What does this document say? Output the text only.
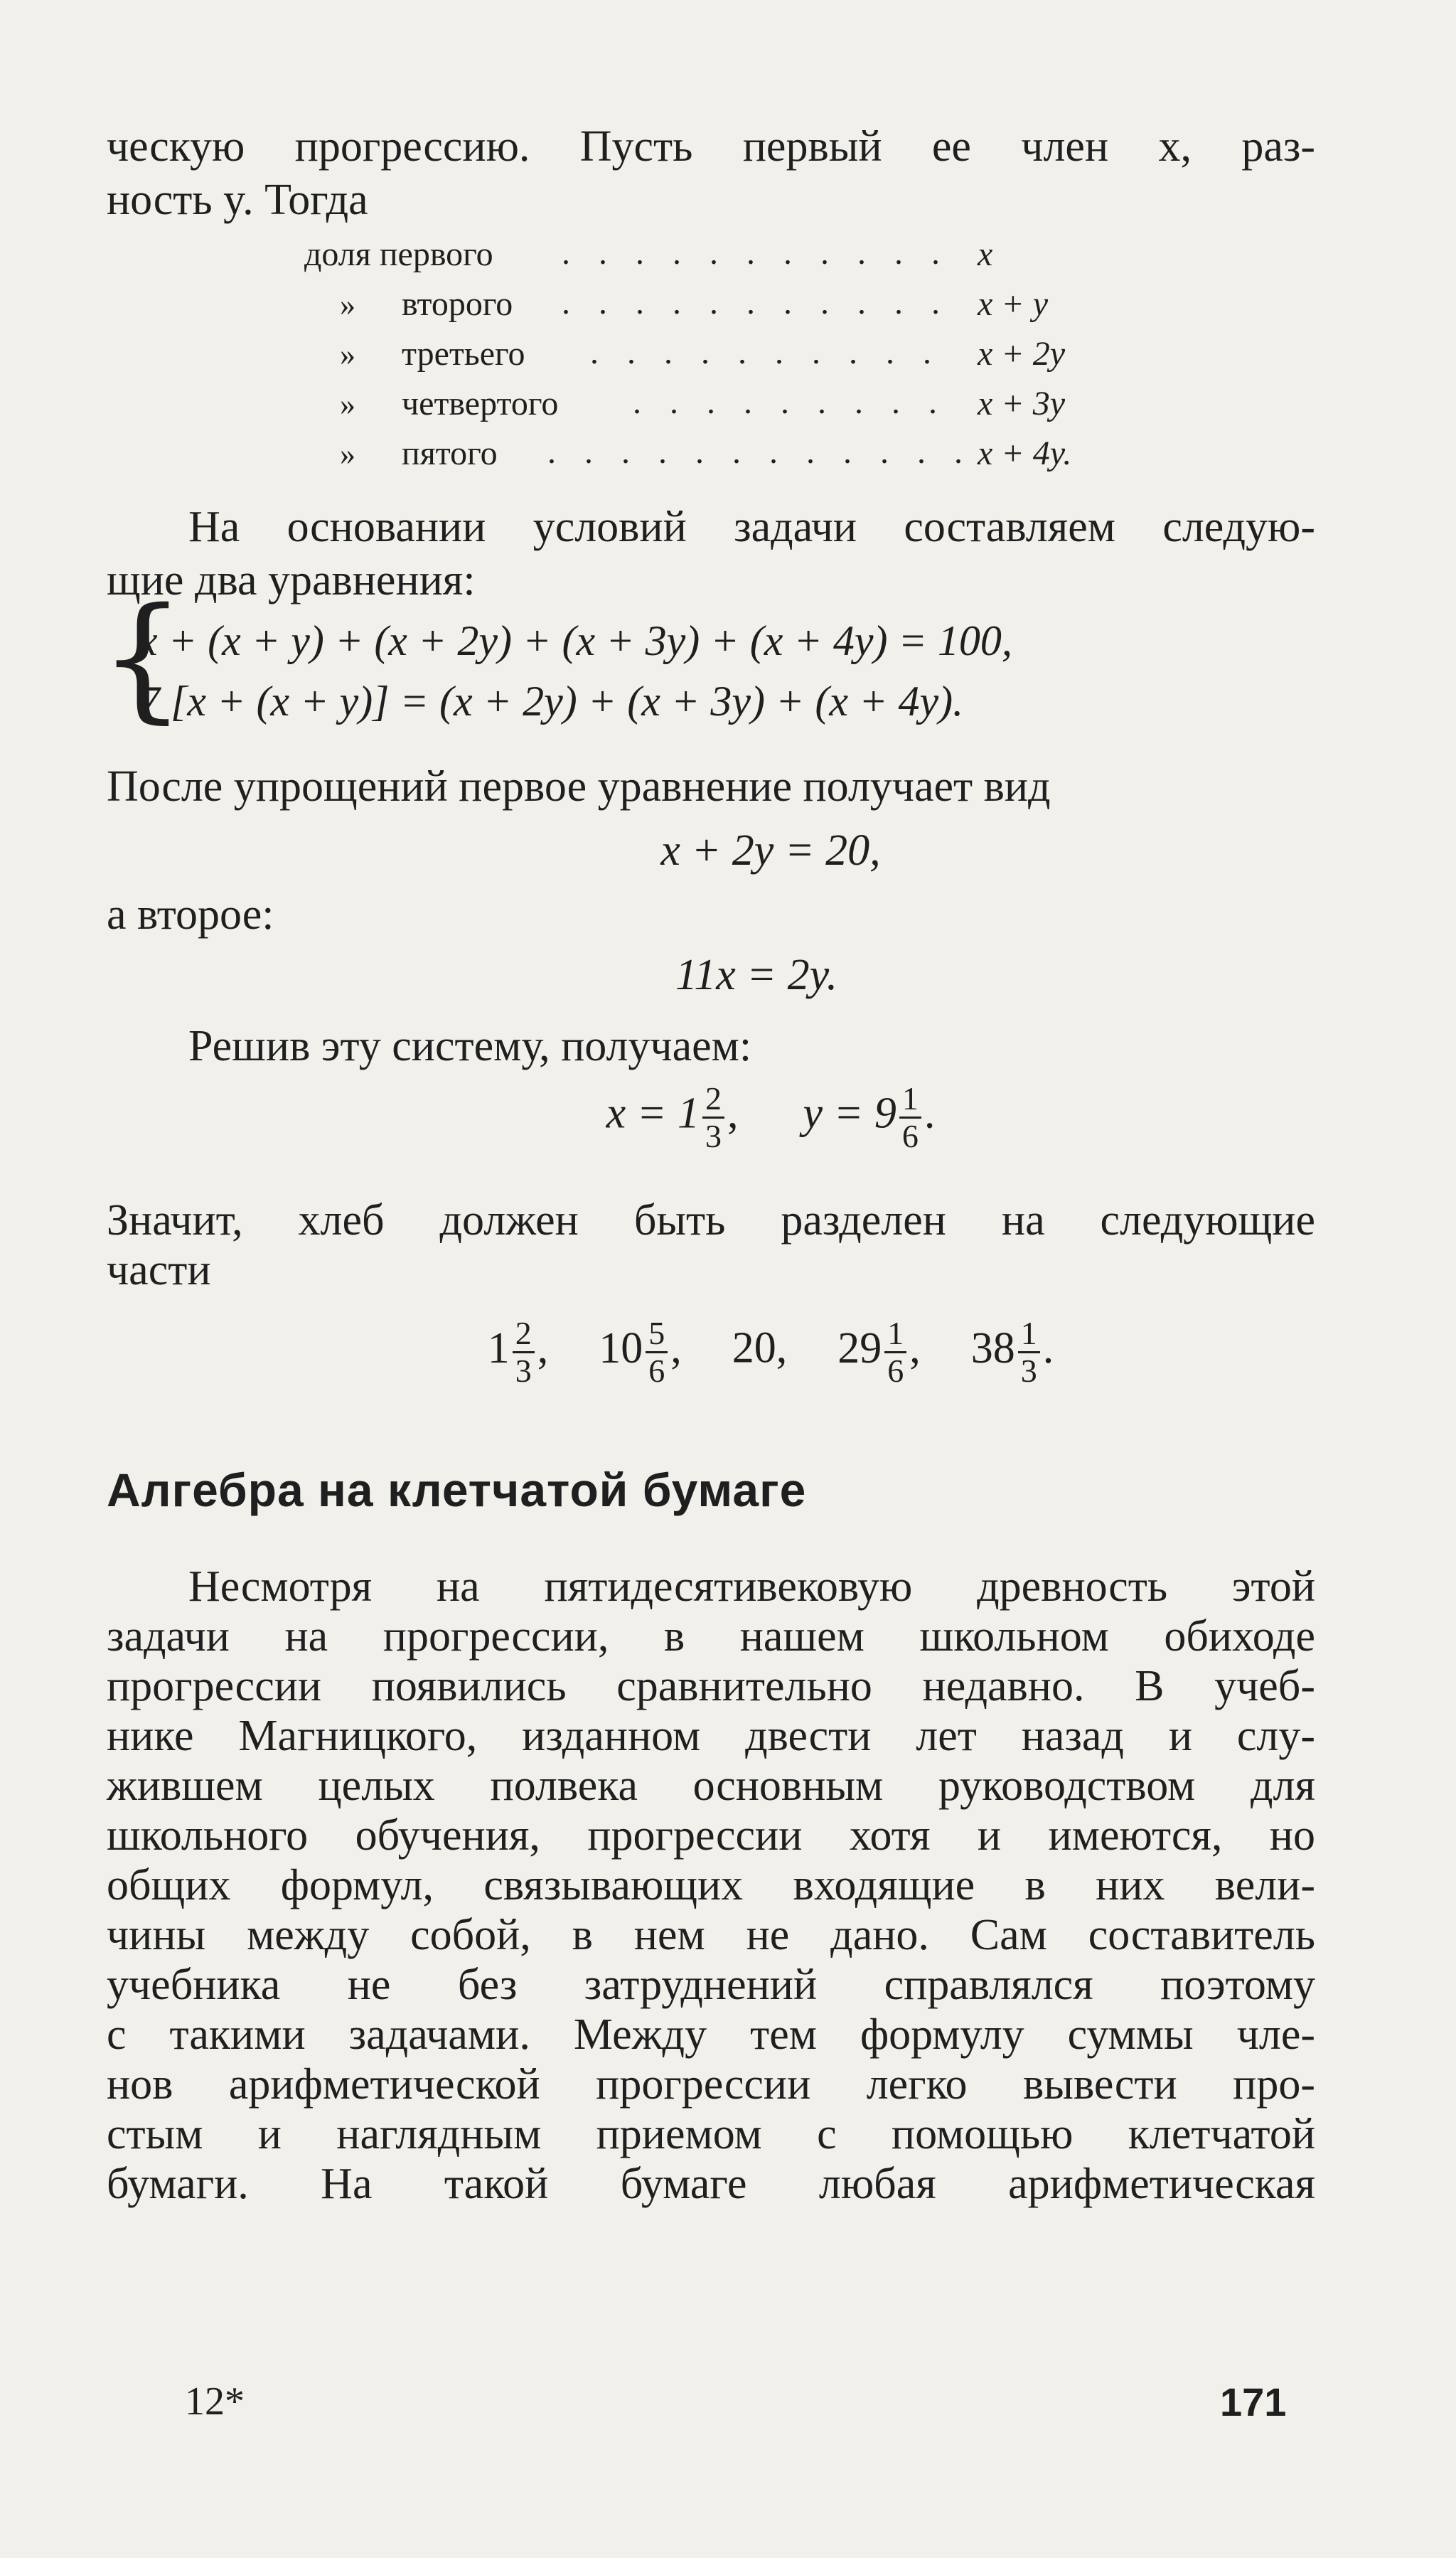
ческую прогрессию. Пусть первый ее член x, раз-
ность y. Тогда
доля первого . . . . . . . . . . . x
» второго . . . . . . . . . . . x + y
» третьего . . . . . . . . . . x + 2y
» четвертого . . . . . . . . . x + 3y
» пятого . . . . . . . . . . . . x + 4y.
На основании условий задачи составляем следую-
щие два уравнения:
{
x + (x + y) + (x + 2y) + (x + 3y) + (x + 4y) = 100,
7 [x + (x + y)] = (x + 2y) + (x + 3y) + (x + 4y).
После упрощений первое уравнение получает вид
x + 2y = 20,
а второе:
11x = 2y.
Решив эту систему, получаем:
$x = 1 \frac{2}{3}$ , $y = 9 \frac{1}{6}$ .
Значит, хлеб должен быть разделен на следующие
части
$1 \frac{2}{3}$ , $10 \frac{5}{6}$ , 20, $29 \frac{1}{6}$ , $38 \frac{1}{3}$ .
Алгебра на клетчатой бумаге
Несмотря на пятидесятивековую древность этой
задачи на прогрессии, в нашем школьном обиходе
прогрессии появились сравнительно недавно. В учеб-
нике Магницкого, изданном двести лет назад и слу-
жившем целых полвека основным руководством для
школьного обучения, прогрессии хотя и имеются, но
общих формул, связывающих входящие в них вели-
чины между собой, в нем не дано. Сам составитель
учебника не без затруднений справлялся поэтому
с такими задачами. Между тем формулу суммы чле-
нов арифметической прогрессии легко вывести про-
стым и наглядным приемом с помощью клетчатой
бумаги. На такой бумаге любая арифметическая
12*	171
